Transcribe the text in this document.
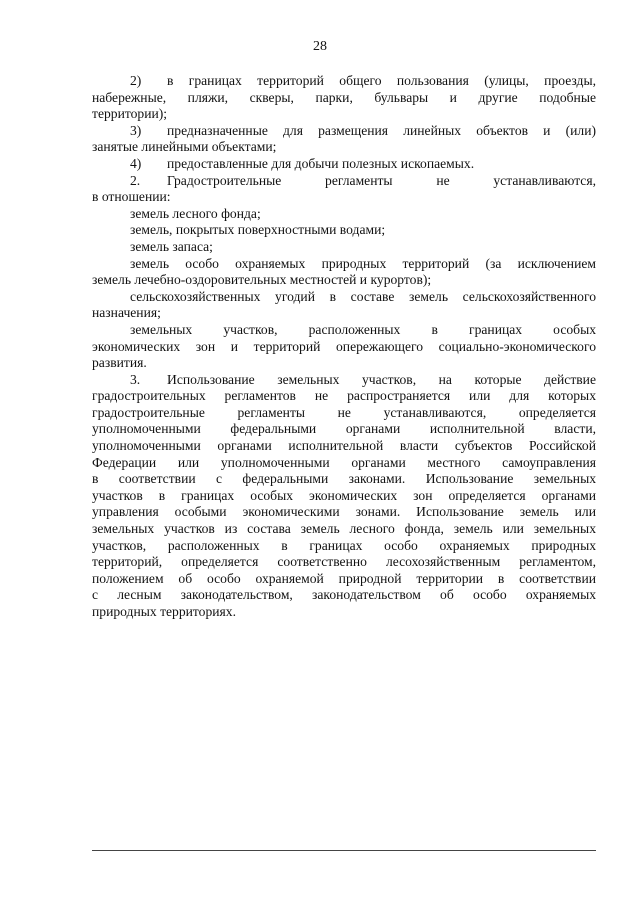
28
2)	в границах территорий общего пользования (улицы, проезды,
набережные, пляжи, скверы, парки, бульвары и другие подобные
территории);
3)	предназначенные для размещения линейных объектов и (или)
занятые линейными объектами;
4)	предоставленные для добычи полезных ископаемых.
2.	Градостроительные регламенты не устанавливаются,
в отношении:
земель лесного фонда;
земель, покрытых поверхностными водами;
земель запаса;
земель особо охраняемых природных территорий (за исключением
земель лечебно-оздоровительных местностей и курортов);
сельскохозяйственных угодий в составе земель сельскохозяйственного
назначения;
земельных участков, расположенных в границах особых
экономических зон и территорий опережающего социально-экономического
развития.
3.	Использование земельных участков, на которые действие
градостроительных регламентов не распространяется или для которых
градостроительные регламенты не устанавливаются, определяется
уполномоченными федеральными органами исполнительной власти,
уполномоченными органами исполнительной власти субъектов Российской
Федерации или уполномоченными органами местного самоуправления
в соответствии с федеральными законами. Использование земельных
участков в границах особых экономических зон определяется органами
управления особыми экономическими зонами. Использование земель или
земельных участков из состава земель лесного фонда, земель или земельных
участков, расположенных в границах особо охраняемых природных
территорий, определяется соответственно лесохозяйственным регламентом,
положением об особо охраняемой природной территории в соответствии
с лесным законодательством, законодательством об особо охраняемых
природных территориях.
